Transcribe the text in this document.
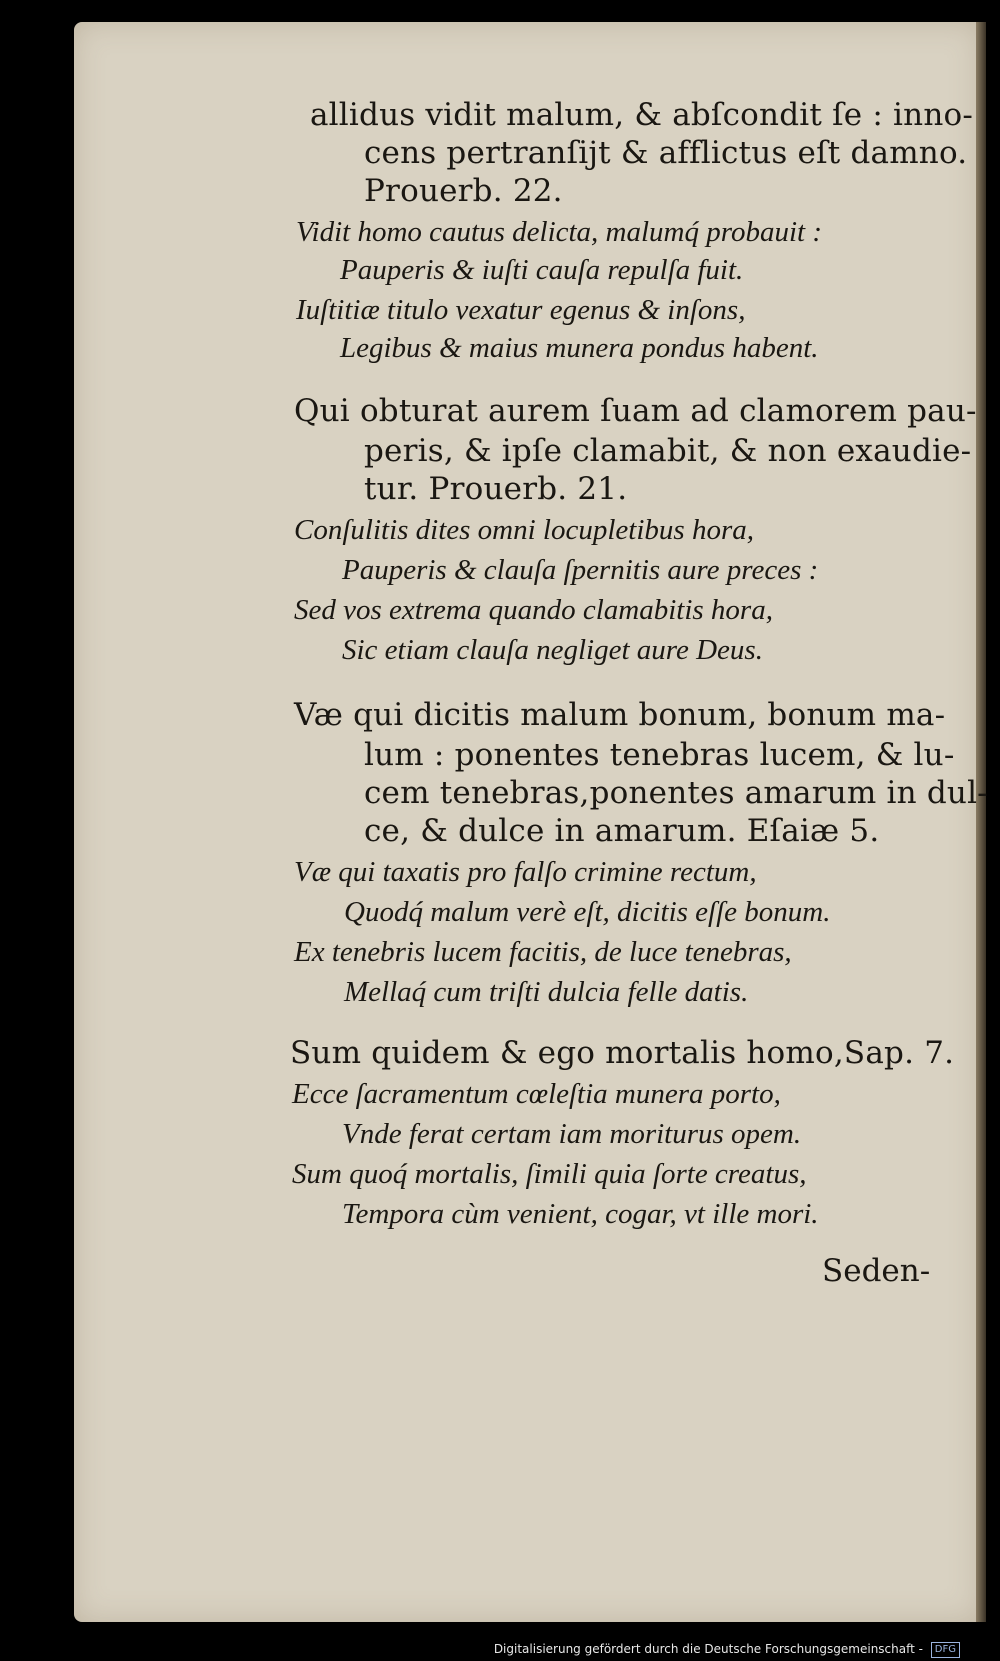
allidus vidit malum, & abſcondit ſe : inno-
cens pertranſijt & afflictus eſt damno.
Prouerb. 22.
Vidit homo cautus delicta, malumq́ probauit :
Pauperis & iuſti cauſa repulſa fuit.
Iuſtitiæ titulo vexatur egenus & inſons,
Legibus & maius munera pondus habent.
Qui obturat aurem ſuam ad clamorem pau-
peris, & ipſe clamabit, & non exaudie-
tur. Prouerb. 21.
Conſulitis dites omni locupletibus hora,
Pauperis & clauſa ſpernitis aure preces :
Sed vos extrema quando clamabitis hora,
Sic etiam clauſa negliget aure Deus.
Væ qui dicitis malum bonum, bonum ma-
lum : ponentes tenebras lucem, & lu-
cem tenebras,ponentes amarum in dul-
ce, & dulce in amarum. Eſaiæ 5.
Væ qui taxatis pro falſo crimine rectum,
Quodq́ malum verè eſt, dicitis eſſe bonum.
Ex tenebris lucem facitis, de luce tenebras,
Mellaq́ cum triſti dulcia felle datis.
Sum quidem & ego mortalis homo,Sap. 7.
Ecce ſacramentum cœleſtia munera porto,
Vnde ferat certam iam moriturus opem.
Sum quoq́ mortalis, ſimili quia ſorte creatus,
Tempora cùm venient, cogar, vt ille mori.
Seden-
Digitalisierung gefördert durch die Deutsche Forschungsgemeinschaft - DFG
